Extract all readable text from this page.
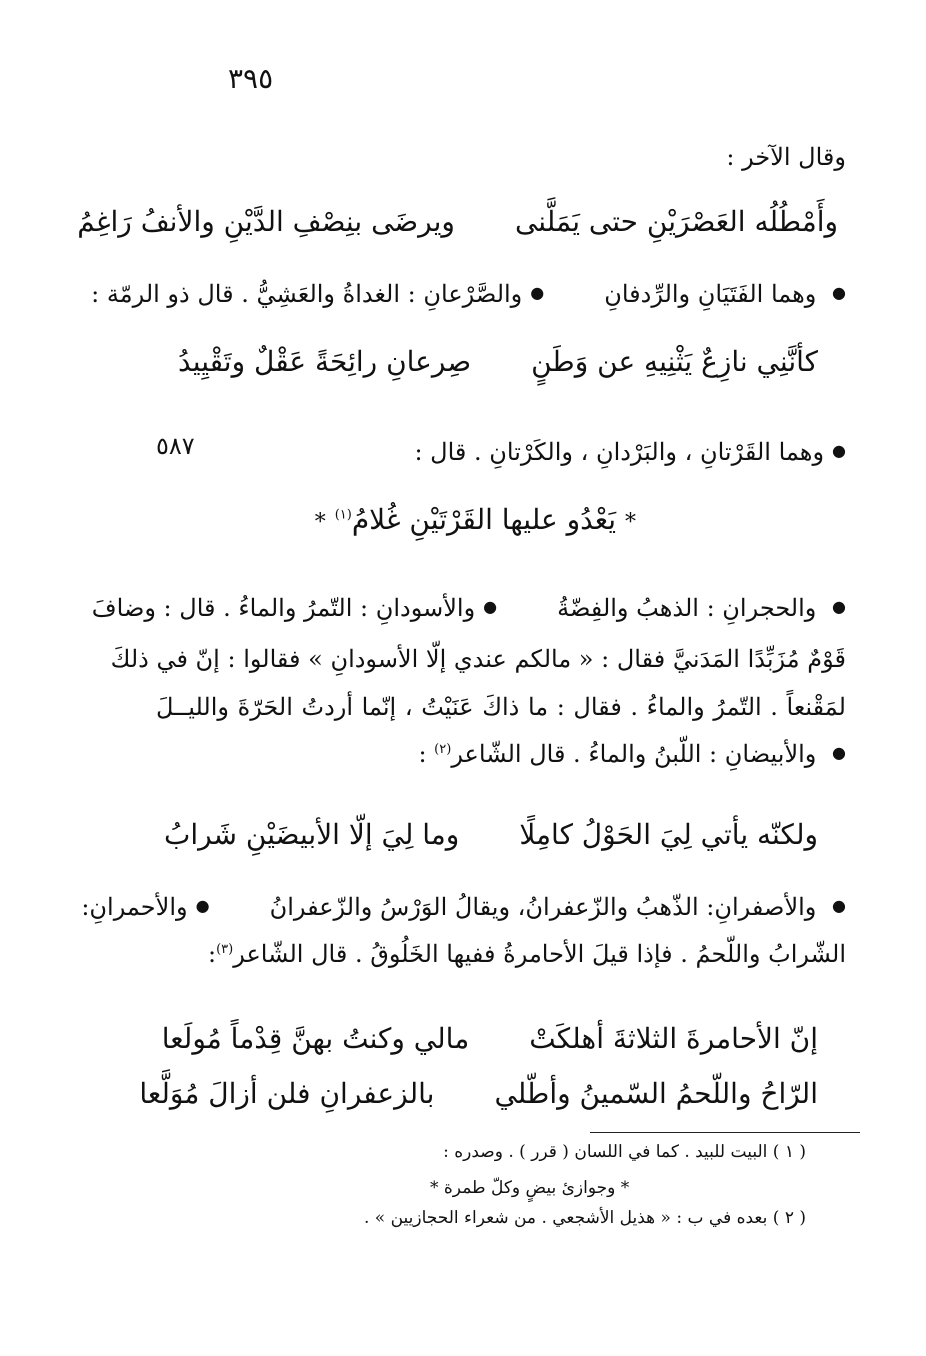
٣٩٥
٥٨٧
وقال الآخر :
وأَمْطُلُه العَصْرَيْنِ حتى يَمَلَّنىويرضَى بنِصْفِ الدَّيْنِ والأنفُ رَاغِمُ
● وهما الفَتَيَانِ والرِّدفانِ● والصَّرْعانِ : الغداةُ والعَشِيُّ . قال ذو الرمّة :
كأنَّنِي نازِعٌ يَثْنِيهِ عن وَطَنٍصِرعانِ رائِحَةً عَقْلٌ وتَقْيِيدُ
● وهما القَرْتانِ ، والبَرْدانِ ، والكَرْتانِ . قال :
* يَعْدُو عليها القَرْتَيْنِ غُلامُ$^{(١)}$ *
● والحجرانِ : الذهبُ والفِضّةُ● والأسودانِ : التّمرُ والماءُ . قال : وضافَ
قَوْمٌ مُزَبِّدًا المَدَنيَّ فقال : « مالكم عندي إلّا الأسودانِ » فقالوا : إنّ في ذلكَ
لمَقْنعاً . التّمرُ والماءُ . فقال : ما ذاكَ عَنَيْتُ ، إنّما أردتُ الحَرّةَ والليــلَ
● والأبيضانِ : اللّبنُ والماءُ . قال الشّاعر$^{(٢)}$ :
ولكنّه يأتي لِيَ الحَوْلُ كامِلًاوما لِيَ إلّا الأبيضَيْنِ شَرابُ
● والأصفرانِ: الذّهبُ والزّعفرانُ، ويقالُ الوَرْسُ والزّعفرانُ● والأحمرانِ:
الشّرابُ واللّحمُ . فإذا قيلَ الأحامرةُ ففيها الخَلُوقُ . قال الشّاعر$^{(٣)}$:
إنّ الأحامرةَ الثلاثةَ أهلكَتْمالي وكنتُ بهنَّ قِدْماً مُولَعا
الرّاحُ واللّحمُ السّمينُ وأطّليبالزعفرانِ فلن أزالَ مُوَلَّعا
( ١ ) البيت للبيد . كما في اللسان ( قرر ) . وصدره :
* وجوازئ بيضٍ وكلّ طمرة *
( ٢ ) بعده في ب : « هذيل الأشجعي . من شعراء الحجازيين » .
